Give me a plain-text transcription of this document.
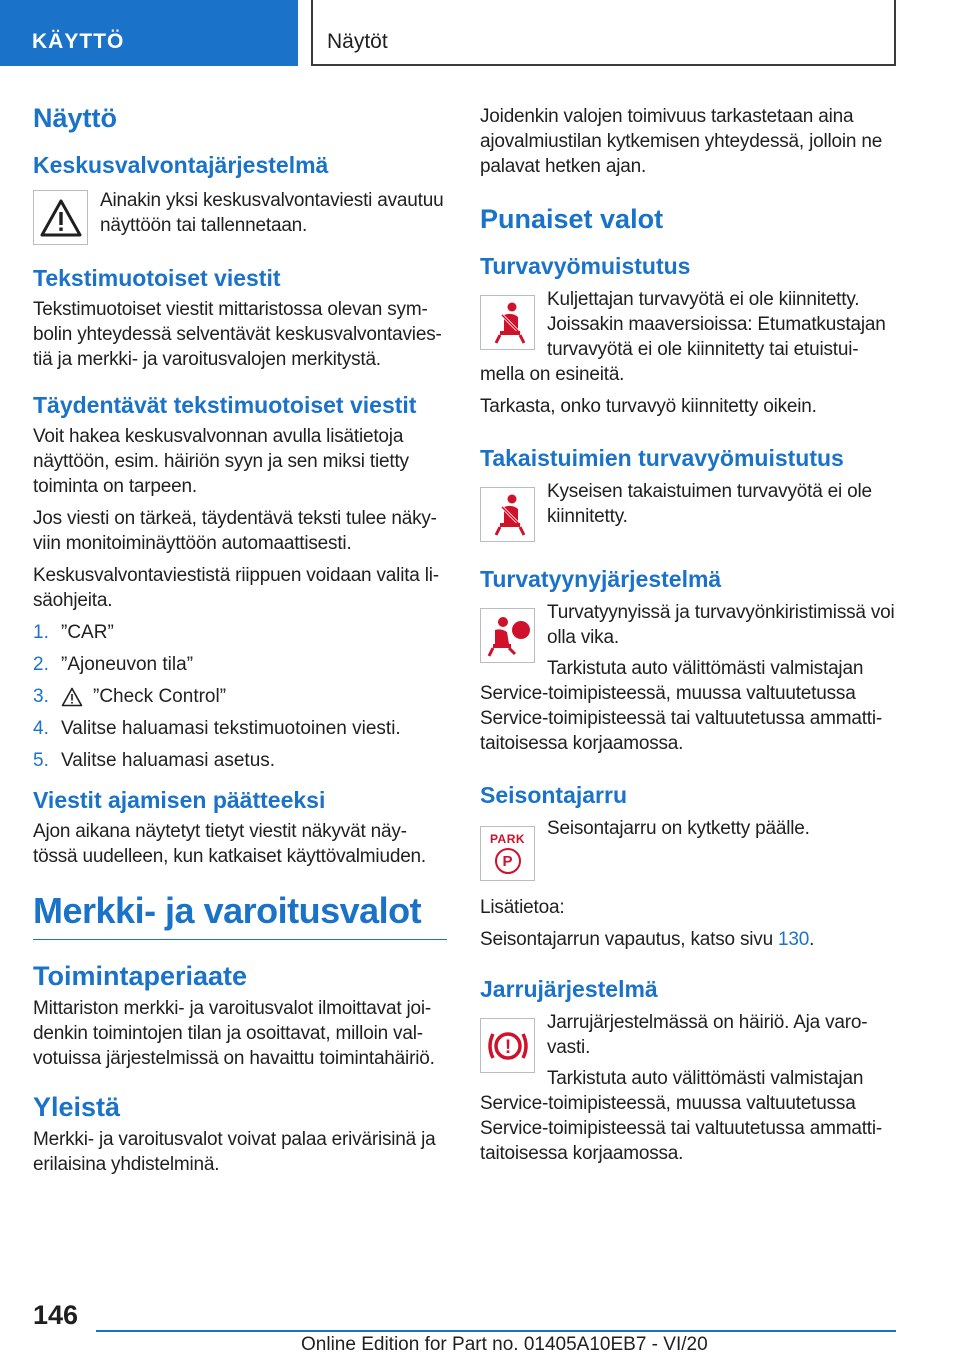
KÄYTTÖ	Näytöt
Näyttö
Keskusvalvontajärjestelmä

Ainakin yksi keskusvalvontaviesti avautuu näyttöön tai tallennetaan.

Tekstimuotoiset viestit

Tekstimuotoiset viestit mittaristossa olevan sym-bolin yhteydessä selventävät keskusvalvontavies-tiä ja merkki- ja varoitusvalojen merkitystä.

Täydentävät tekstimuotoiset viestit

Voit hakea keskusvalvonnan avulla lisätietoja näyttöön, esim. häiriön syyn ja sen miksi tietty toiminta on tarpeen.

Jos viesti on tärkeä, täydentävä teksti tulee näky-viin monitoiminäyttöön automaattisesti.

Keskusvalvontaviestistä riippuen voidaan valita li-säohjeita.

1. ”CAR”
2. ”Ajoneuvon tila”
3.	”Check Control”
4. Valitse haluamasi tekstimuotoinen viesti.
5. Valitse haluamasi asetus.
Viestit ajamisen päätteeksi

Ajon aikana näytetyt tietyt viestit näkyvät näy-tössä uudelleen, kun katkaiset käyttövalmiuden.

Merkki- ja varoitusvalot
Toimintaperiaate

Mittariston merkki- ja varoitusvalot ilmoittavat joi-denkin toimintojen tilan ja osoittavat, milloin val-votuissa järjestelmissä on havaittu toimintahäiriö.

Yleistä

Merkki- ja varoitusvalot voivat palaa erivärisinä ja erilaisina yhdistelminä.

Joidenkin valojen toimivuus tarkastetaan aina ajovalmiustilan kytkemisen yhteydessä, jolloin ne palavat hetken ajan.

Punaiset valot
Turvavyömuistutus

Kuljettajan turvavyötä ei ole kiinnitetty. Joissakin maaversioissa: Etumatkustajan turvavyötä ei ole kiinnitetty tai etuistui-

mella on esineitä.

Tarkasta, onko turvavyö kiinnitetty oikein.

Takaistuimien turvavyömuistutus

Kyseisen takaistuimen turvavyötä ei ole kiinnitetty.

Turvatyynyjärjestelmä

Turvatyynyissä ja turvavyönkiristimissä voi olla vika.

Tarkistuta auto välittömästi valmistajan

Service-toimipisteessä, muussa valtuutetussa Service-toimipisteessä tai valtuutetussa ammatti-taitoisessa korjaamossa.

Seisontajarru
PARK
P

Seisontajarru on kytketty päälle.

Lisätietoa:

Seisontajarrun vapautus, katso sivu 130.

Jarrujärjestelmä
!

Jarrujärjestelmässä on häiriö. Aja varo-vasti.

Tarkistuta auto välittömästi valmistajan

Service-toimipisteessä, muussa valtuutetussa Service-toimipisteessä tai valtuutetussa ammatti-taitoisessa korjaamossa.

146
Online Edition for Part no. 01405A10EB7 - VI/20
